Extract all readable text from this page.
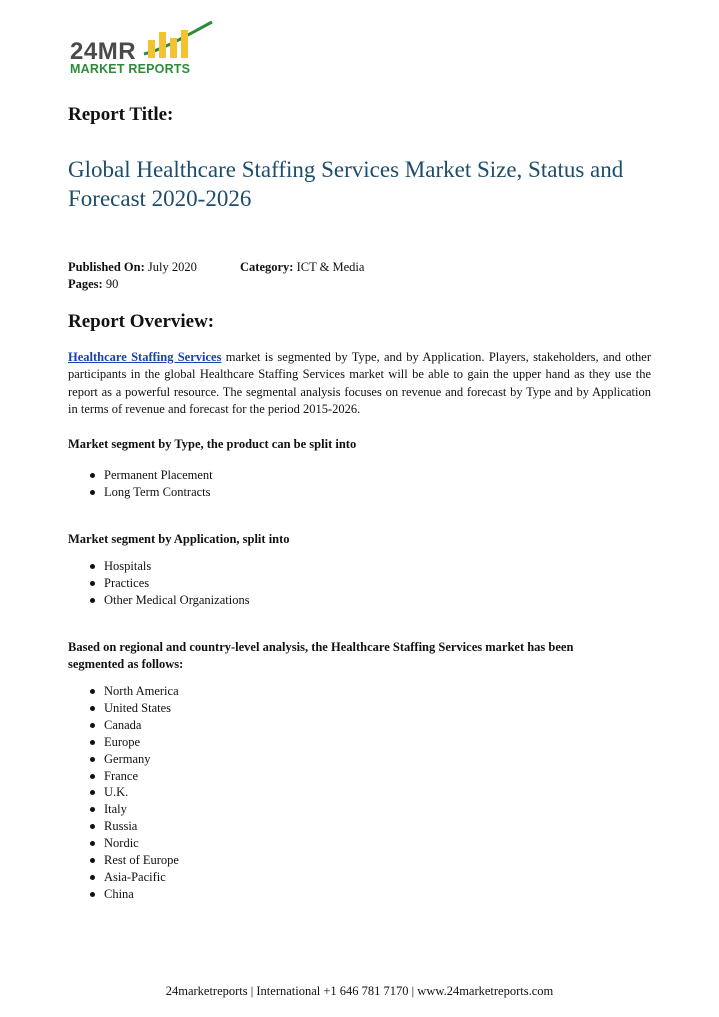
24MR
MARKET REPORTS
Report Title:
Global Healthcare Staffing Services Market Size, Status and Forecast 2020-2026
Published On: July 2020	Category: ICT & Media
Pages: 90
Report Overview:
Healthcare Staffing Services market is segmented by Type, and by Application. Players, stakeholders, and other participants in the global Healthcare Staffing Services market will be able to gain the upper hand as they use the report as a powerful resource. The segmental analysis focuses on revenue and forecast by Type and by Application in terms of revenue and forecast for the period 2015-2026.
Market segment by Type, the product can be split into
Permanent Placement
Long Term Contracts
Market segment by Application, split into
Hospitals
Practices
Other Medical Organizations
Based on regional and country-level analysis, the Healthcare Staffing Services market has been segmented as follows:
North America
United States
Canada
Europe
Germany
France
U.K.
Italy
Russia
Nordic
Rest of Europe
Asia-Pacific
China
24marketreports | International +1 646 781 7170 | www.24marketreports.com
